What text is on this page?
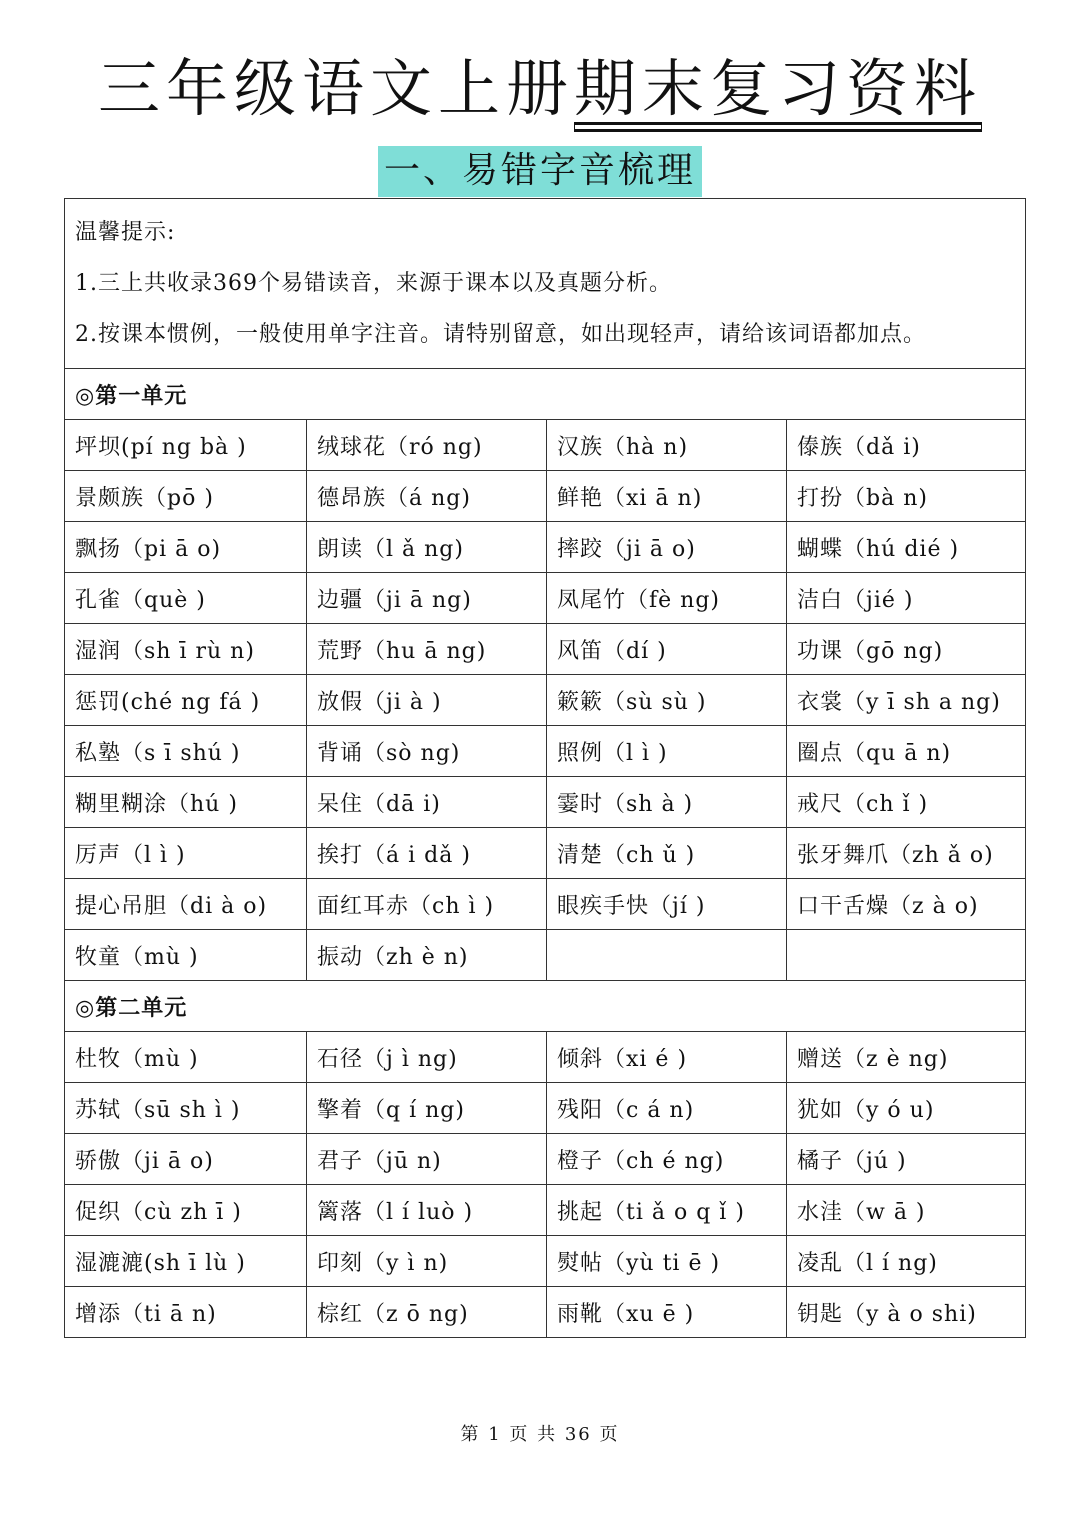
三年级语文上册期末复习资料
一、易错字音梳理

温馨提示:

1.三上共收录369个易错读音，来源于课本以及真题分析。

2.按课本惯例，一般使用单字注音。请特别留意，如出现轻声，请给该词语都加点。			

◎第一单元			
坪坝(pí ng bà )	绒球花（ró ng)	汉族（hà n)	傣族（dǎ i)
景颇族（pō )	德昂族（á ng)	鲜艳（xi ā n)	打扮（bà n)
飘扬（pi ā o)	朗读（l ǎ ng)	摔跤（ji ā o)	蝴蝶（hú dié )
孔雀（què )	边疆（ji ā ng)	凤尾竹（fè ng)	洁白（jié )
湿润（sh ī rù n)	荒野（hu ā ng)	风笛（dí )	功课（gō ng)
惩罚(ché ng fá )	放假（ji à )	簌簌（sù sù )	衣裳（y ī sh a ng)
私塾（s ī shú )	背诵（sò ng)	照例（l ì )	圈点（qu ā n)
糊里糊涂（hú )	呆住（dā i)	霎时（sh à )	戒尺（ch ǐ )
厉声（l ì )	挨打（á i dǎ )	清楚（ch ǔ )	张牙舞爪（zh ǎ o)
提心吊胆（di à o)	面红耳赤（ch ì )	眼疾手快（jí )	口干舌燥（z à o)
牧童（mù )	振动（zh è n)		
◎第二单元			
杜牧（mù )	石径（j ì ng)	倾斜（xi é )	赠送（z è ng)
苏轼（sū sh ì )	擎着（q í ng)	残阳（c á n)	犹如（y ó u)
骄傲（ji ā o)	君子（jū n)	橙子（ch é ng)	橘子（jú )
促织（cù zh ī )	篱落（l í luò )	挑起（ti ǎ o q ǐ )	水洼（w ā )
湿漉漉(sh ī lù )	印刻（y ì n)	熨帖（yù ti ē )	凌乱（l í ng)
增添（ti ā n)	棕红（z ō ng)	雨靴（xu ē )	钥匙（y à o shi)
第 1 页 共 36 页
